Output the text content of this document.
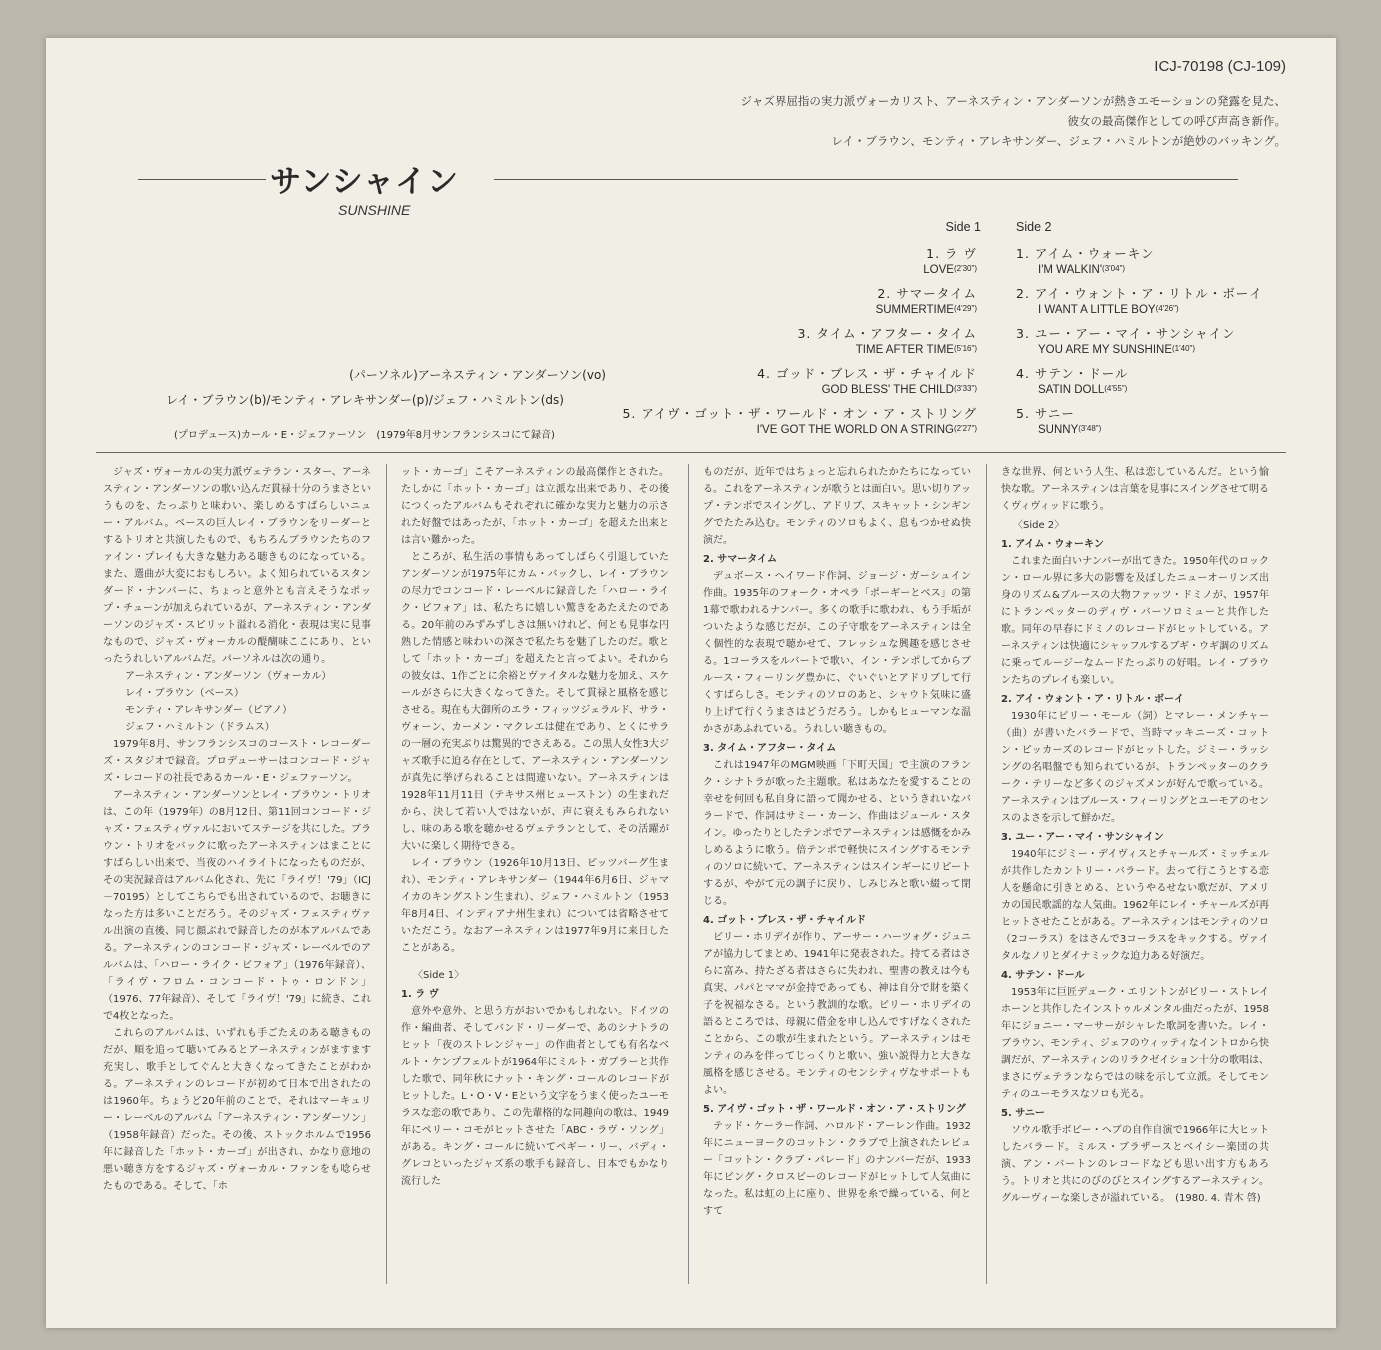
ICJ-70198 (CJ-109)
ジャズ界屈指の実力派ヴォーカリスト、アーネスティン・アンダーソンが熱きエモーションの発露を見た、
彼女の最高傑作としての呼び声高き新作。
レイ・ブラウン、モンティ・アレキサンダー、ジェフ・ハミルトンが絶妙のバッキング。
サンシャイン
SUNSHINE
Side 1	Side 2
1. ラ ヴ
$LOVE^{(2'30")}$
2. サマータイム
$SUMMERTIME^{(4'29")}$
3. タイム・アフター・タイム
TIME AFTER $TIME^{(5'16")}$
4. ゴッド・ブレス・ザ・チャイルド
GOD BLESS' THE $CHILD^{(3'33")}$
5. アイヴ・ゴット・ザ・ワールド・オン・ア・ストリング
I'VE GOT THE WORLD ON A $STRING^{(2'27")}$
1. アイム・ウォーキン
I'M $WALKIN'^{(3'04")}$
2. アイ・ウォント・ア・リトル・ボーイ
I WANT A LITTLE $BOY^{(4'26")}$
3. ユー・アー・マイ・サンシャイン
YOU ARE MY $SUNSHINE^{(1'40")}$
4. サテン・ドール
SATIN $DOLL^{(4'55")}$
5. サニー
$SUNNY^{(3'48")}$
(パーソネル)アーネスティン・アンダーソン(vo)
レイ・ブラウン(b)/モンティ・アレキサンダー(p)/ジェフ・ハミルトン(ds)
(プロデュース)カール・E・ジェファーソン　(1979年8月サンフランシスコにて録音)

ジャズ・ヴォーカルの実力派ヴェテラン・スター、アーネスティン・アンダーソンの歌い込んだ貫禄十分のうまさというものを、たっぷりと味わい、楽しめるすばらしいニュー・アルバム。ベースの巨人レイ・ブラウンをリーダーとするトリオと共演したもので、もちろんブラウンたちのファイン・プレイも大きな魅力ある聴きものになっている。また、選曲が大変におもしろい。よく知られているスタンダード・ナンバーに、ちょっと意外とも言えそうなポップ・チューンが加えられているが、アーネスティン・アンダーソンのジャズ・スピリット溢れる消化・表現は実に見事なもので、ジャズ・ヴォーカルの醍醐味ここにあり、といったうれしいアルバムだ。パーソネルは次の通り。

アーネスティン・アンダーソン（ヴォーカル）

レイ・ブラウン（ベース）

モンティ・アレキサンダー（ピアノ）

ジェフ・ハミルトン（ドラムス）

1979年8月、サンフランシスコのコースト・レコーダーズ・スタジオで録音。プロデューサーはコンコード・ジャズ・レコードの社長であるカール・E・ジェファーソン。

アーネスティン・アンダーソンとレイ・ブラウン・トリオは、この年（1979年）の8月12日、第11回コンコード・ジャズ・フェスティヴァルにおいてステージを共にした。ブラウン・トリオをバックに歌ったアーネスティンはまことにすばらしい出来で、当夜のハイライトになったものだが、その実況録音はアルバム化され、先に「ライヴ！'79」（ICJ－70195）としてこちらでも出されているので、お聴きになった方は多いことだろう。そのジャズ・フェスティヴァル出演の直後、同じ顔ぶれで録音したのが本アルバムである。アーネスティンのコンコード・ジャズ・レーベルでのアルバムは、「ハロー・ライク・ビフォア」（1976年録音）、「ライヴ・フロム・コンコード・トゥ・ロンドン」（1976、77年録音）、そして「ライヴ！'79」に続き、これで4枚となった。

これらのアルバムは、いずれも手ごたえのある聴きものだが、順を追って聴いてみるとアーネスティンがますます充実し、歌手としてぐんと大きくなってきたことがわかる。アーネスティンのレコードが初めて日本で出されたのは1960年。ちょうど20年前のことで、それはマーキュリー・レーベルのアルバム「アーネスティン・アンダーソン」（1958年録音）だった。その後、ストックホルムで1956年に録音した「ホット・カーゴ」が出され、かなり意地の悪い聴き方をするジャズ・ヴォーカル・ファンをも唸らせたものである。そして、「ホ

ット・カーゴ」こそアーネスティンの最高傑作とされた。たしかに「ホット・カーゴ」は立派な出来であり、その後につくったアルバムもそれぞれに確かな実力と魅力の示された好盤ではあったが、「ホット・カーゴ」を超えた出来とは言い難かった。

ところが、私生活の事情もあってしばらく引退していたアンダーソンが1975年にカム・バックし、レイ・ブラウンの尽力でコンコード・レーベルに録音した「ハロー・ライク・ビフォア」は、私たちに嬉しい驚きをあたえたのである。20年前のみずみずしさは無いけれど、何とも見事な円熟した情感と味わいの深さで私たちを魅了したのだ。歌として「ホット・カーゴ」を超えたと言ってよい。それからの彼女は、1作ごとに余裕とヴァイタルな魅力を加え、スケールがさらに大きくなってきた。そして貫禄と風格を感じさせる。現在も大御所のエラ・フィッツジェラルド、サラ・ヴォーン、カーメン・マクレエは健在であり、とくにサラの一層の充実ぶりは驚異的でさえある。この黒人女性3大ジャズ歌手に迫る存在として、アーネスティン・アンダーソンが真先に挙げられることは間違いない。アーネスティンは1928年11月11日（テキサス州ヒューストン）の生まれだから、決して若い人ではないが、声に衰えもみられないし、味のある歌を聴かせるヴェテランとして、その活躍が大いに楽しく期待できる。

レイ・ブラウン（1926年10月13日、ピッツバーグ生まれ）、モンティ・アレキサンダー（1944年6月6日、ジャマイカのキングストン生まれ）、ジェフ・ハミルトン（1953年8月4日、インディアナ州生まれ）については省略させていただこう。なおアーネスティンは1977年9月に来日したことがある。

〈Side 1〉

1. ラ ヴ

意外や意外、と思う方がおいでかもしれない。ドイツの作・編曲者、そしてバンド・リーダーで、あのシナトラのヒット「夜のストレンジャー」の作曲者としても有名なベルト・ケンプフェルトが1964年にミルト・ガブラーと共作した歌で、同年秋にナット・キング・コールのレコードがヒットした。L・O・V・Eという文字をうまく使ったユーモラスな恋の歌であり、この先輩格的な同趣向の歌は、1949年にペリー・コモがヒットさせた「ABC・ラヴ・ソング」がある。キング・コールに続いてペギー・リー、バディ・グレコといったジャズ系の歌手も録音し、日本でもかなり流行した

ものだが、近年ではちょっと忘れられたかたちになっている。これをアーネスティンが歌うとは面白い。思い切りアップ・テンポでスイングし、アドリブ、スキャット・シンギングでたたみ込む。モンティのソロもよく、息もつかせぬ快演だ。

2. サマータイム

デュボース・ヘイワード作詞、ジョージ・ガーシュイン作曲。1935年のフォーク・オペラ「ポーギーとベス」の第1幕で歌われるナンバー。多くの歌手に歌われ、もう手垢がついたような感じだが、この子守歌をアーネスティンは全く個性的な表現で聴かせて、フレッシュな興趣を感じさせる。1コーラスをルバートで歌い、イン・テンポしてからブルース・フィーリング豊かに、ぐいぐいとアドリブして行くすばらしさ。モンティのソロのあと、シャウト気味に盛り上げて行くうまさはどうだろう。しかもヒューマンな温かさがあふれている。うれしい聴きもの。

3. タイム・アフター・タイム

これは1947年のMGM映画「下町天国」で主演のフランク・シナトラが歌った主題歌。私はあなたを愛することの幸せを何回も私自身に語って聞かせる、というきれいなバラードで、作詞はサミー・カーン、作曲はジュール・スタイン。ゆったりとしたテンポでアーネスティンは感慨をかみしめるように歌う。倍テンポで軽快にスイングするモンティのソロに続いて、アーネスティンはスインギーにリピートするが、やがて元の調子に戻り、しみじみと歌い綴って閉じる。

4. ゴット・ブレス・ザ・チャイルド

ビリー・ホリデイが作り、アーサー・ハーツォグ・ジュニアが協力してまとめ、1941年に発表された。持てる者はさらに富み、持たざる者はさらに失われ、聖書の教えは今も真実、パパとママが金持であっても、神は自分で財を築く子を祝福なさる。という教訓的な歌。ビリー・ホリデイの語るところでは、母親に借金を申し込んですげなくされたことから、この歌が生まれたという。アーネスティンはモンティのみを伴ってじっくりと歌い、強い説得力と大きな風格を感じさせる。モンティのセンシティヴなサポートもよい。

5. アイヴ・ゴット・ザ・ワールド・オン・ア・ストリング

テッド・ケーラー作詞、ハロルド・アーレン作曲。1932年にニューヨークのコットン・クラブで上演されたレビュー「コットン・クラブ・パレード」のナンバーだが、1933年にビング・クロスビーのレコードがヒットして人気曲になった。私は虹の上に座り、世界を糸で繰っている、何とすて

きな世界、何という人生、私は恋しているんだ。という愉快な歌。アーネスティンは言葉を見事にスイングさせて明るくヴィヴィッドに歌う。

〈Side 2〉

1. アイム・ウォーキン

これまた面白いナンバーが出てきた。1950年代のロックン・ロール界に多大の影響を及ぼしたニューオーリンズ出身のリズム&ブルースの大物ファッツ・ドミノが、1957年にトランペッターのディヴ・バーソロミューと共作した歌。同年の早春にドミノのレコードがヒットしている。アーネスティンは快適にシャッフルするブギ・ウギ調のリズムに乗ってルージーなムードたっぷりの好唱。レイ・ブラウンたちのプレイも楽しい。

2. アイ・ウォント・ア・リトル・ボーイ

1930年にビリー・モール（詞）とマレー・メンチャー（曲）が書いたバラードで、当時マッキニーズ・コットン・ピッカーズのレコードがヒットした。ジミー・ラッシングの名唱盤でも知られているが、トランペッターのクラーク・テリーなど多くのジャズメンが好んで歌っている。アーネスティンはブルース・フィーリングとユーモアのセンスのよさを示して鮮かだ。

3. ユー・アー・マイ・サンシャイン

1940年にジミー・デイヴィスとチャールズ・ミッチェルが共作したカントリー・バラード。去って行こうとする恋人を懸命に引きとめる、というやるせない歌だが、アメリカの国民歌謡的な人気曲。1962年にレイ・チャールズが再ヒットさせたことがある。アーネスティンはモンティのソロ（2コーラス）をはさんで3コーラスをキックする。ヴァイタルなノリとダイナミックな迫力ある好演だ。

4. サテン・ドール

1953年に巨匠デューク・エリントンがビリー・ストレイホーンと共作したインストゥルメンタル曲だったが、1958年にジョニー・マーサーがシャレた歌詞を書いた。レイ・ブラウン、モンティ、ジェフのウィッティなイントロから快調だが、アーネスティンのリラクゼイション十分の歌唱は、まさにヴェテランならではの味を示して立派。そしてモンティのユーモラスなソロも光る。

5. サニー

ソウル歌手ボビー・ヘブの自作自演で1966年に大ヒットしたバラード。ミルス・ブラザースとベイシー楽団の共演、アン・バートンのレコードなども思い出す方もあろう。トリオと共にのびのびとスイングするアーネスティン。グルーヴィーな楽しさが溢れている。　(1980. 4. 青木 啓)
